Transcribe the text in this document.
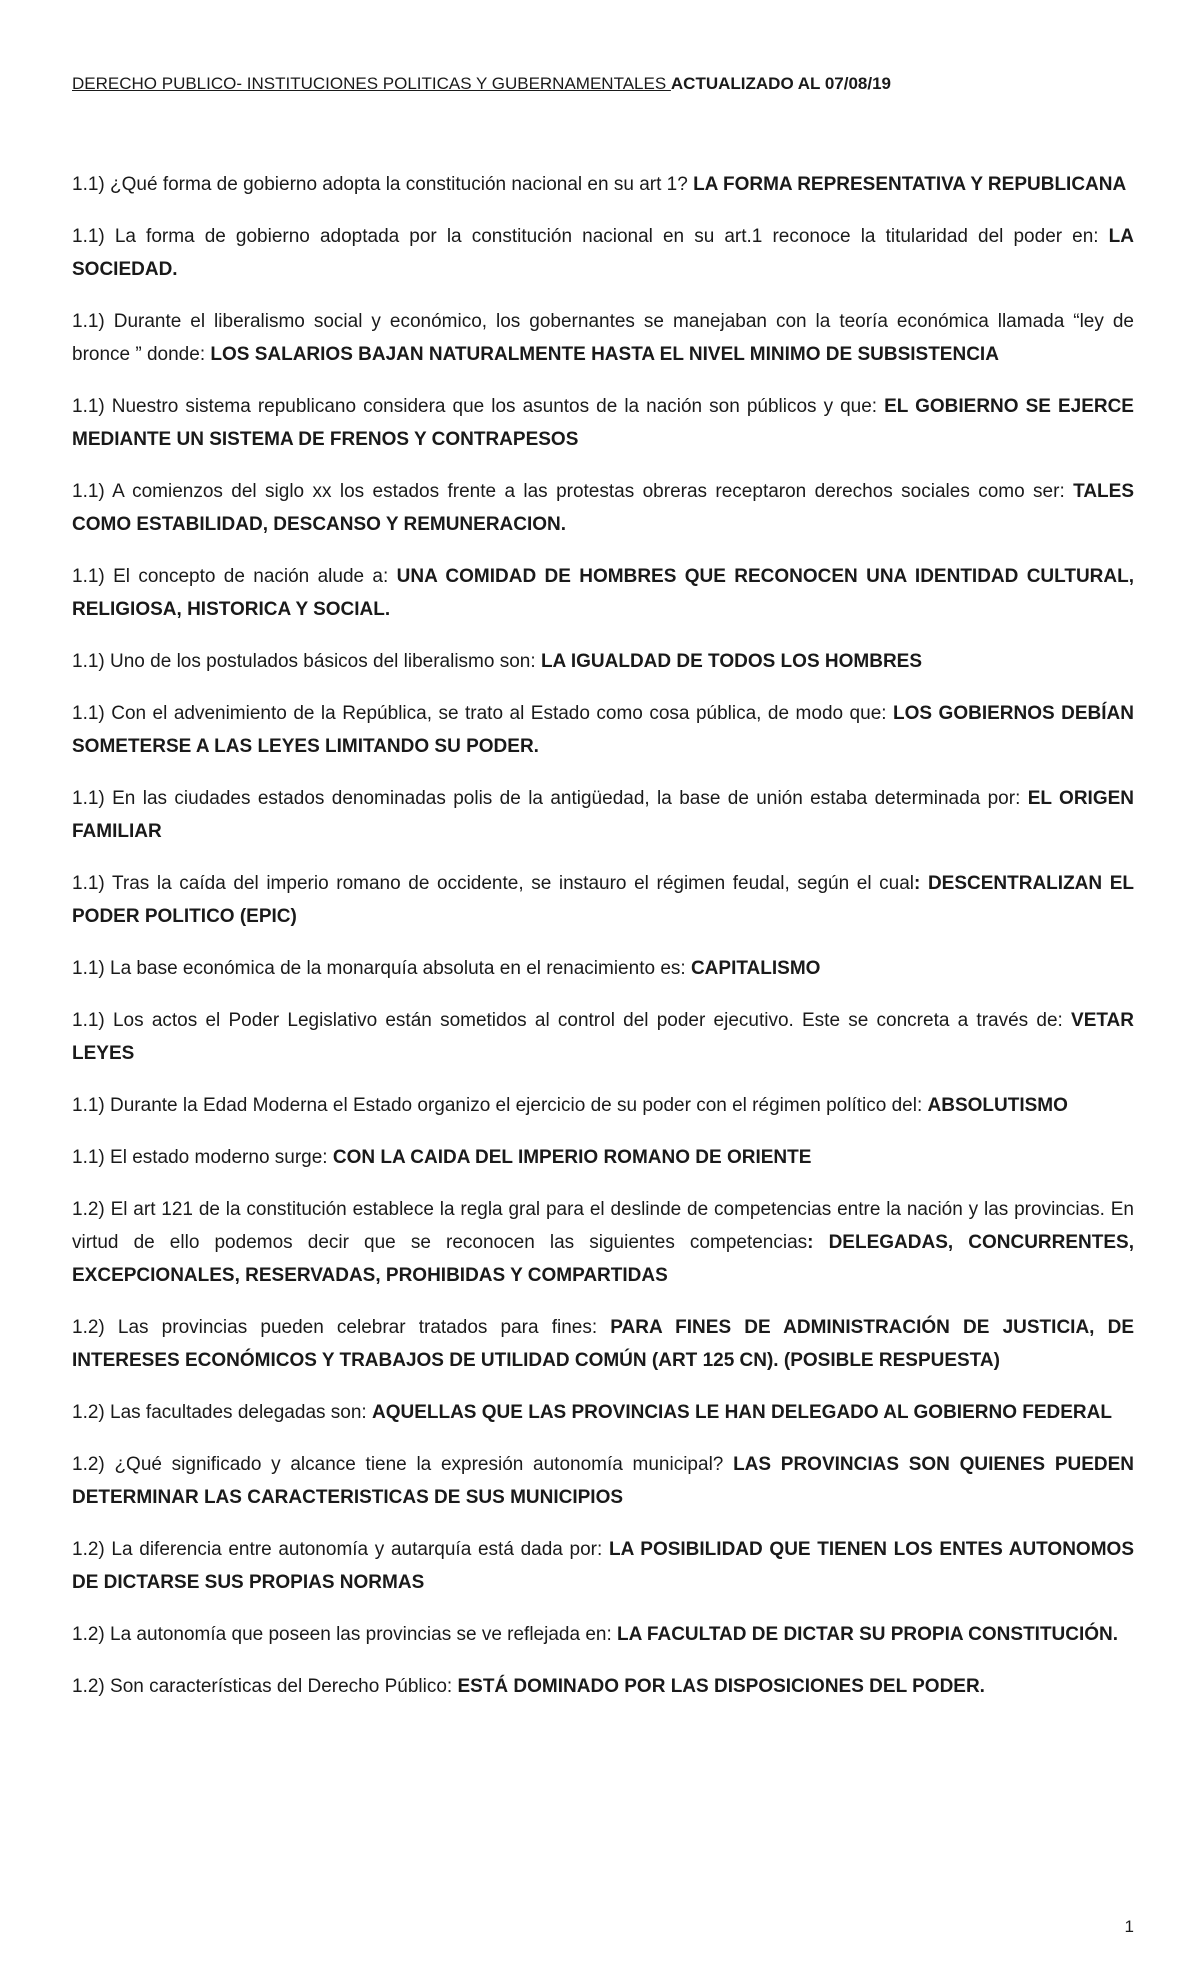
DERECHO PUBLICO- INSTITUCIONES POLITICAS Y GUBERNAMENTALES ACTUALIZADO AL 07/08/19

1.1) ¿Qué forma de gobierno adopta la constitución nacional en su art 1? LA FORMA REPRESENTATIVA Y REPUBLICANA

1.1) La forma de gobierno adoptada por la constitución nacional en su art.1 reconoce la titularidad del poder en: LA SOCIEDAD.

1.1) Durante el liberalismo social y económico, los gobernantes se manejaban con la teoría económica llamada “ley de bronce ” donde: LOS SALARIOS BAJAN NATURALMENTE HASTA EL NIVEL MINIMO DE SUBSISTENCIA

1.1) Nuestro sistema republicano considera que los asuntos de la nación son públicos y que: EL GOBIERNO SE EJERCE MEDIANTE UN SISTEMA DE FRENOS Y CONTRAPESOS

1.1) A comienzos del siglo xx los estados frente a las protestas obreras receptaron derechos sociales como ser: TALES COMO ESTABILIDAD, DESCANSO Y REMUNERACION.

1.1) El concepto de nación alude a: UNA COMIDAD DE HOMBRES QUE RECONOCEN UNA IDENTIDAD CULTURAL, RELIGIOSA, HISTORICA Y SOCIAL.

1.1) Uno de los postulados básicos del liberalismo son: LA IGUALDAD DE TODOS LOS HOMBRES

1.1) Con el advenimiento de la República, se trato al Estado como cosa pública, de modo que: LOS GOBIERNOS DEBÍAN SOMETERSE A LAS LEYES LIMITANDO SU PODER.

1.1) En las ciudades estados denominadas polis de la antigüedad, la base de unión estaba determinada por: EL ORIGEN FAMILIAR

1.1) Tras la caída del imperio romano de occidente, se instauro el régimen feudal, según el cual: DESCENTRALIZAN EL PODER POLITICO (EPIC)

1.1) La base económica de la monarquía absoluta en el renacimiento es: CAPITALISMO

1.1) Los actos el Poder Legislativo están sometidos al control del poder ejecutivo. Este se concreta a través de: VETAR LEYES

1.1) Durante la Edad Moderna el Estado organizo el ejercicio de su poder con el régimen político del: ABSOLUTISMO

1.1) El estado moderno surge: CON LA CAIDA DEL IMPERIO ROMANO DE ORIENTE

1.2) El art 121 de la constitución establece la regla gral para el deslinde de competencias entre la nación y las provincias. En virtud de ello podemos decir que se reconocen las siguientes competencias: DELEGADAS, CONCURRENTES, EXCEPCIONALES, RESERVADAS, PROHIBIDAS Y COMPARTIDAS

1.2) Las provincias pueden celebrar tratados para fines: PARA FINES DE ADMINISTRACIÓN DE JUSTICIA, DE INTERESES ECONÓMICOS Y TRABAJOS DE UTILIDAD COMÚN (ART 125 CN). (POSIBLE RESPUESTA)

1.2) Las facultades delegadas son: AQUELLAS QUE LAS PROVINCIAS LE HAN DELEGADO AL GOBIERNO FEDERAL

1.2) ¿Qué significado y alcance tiene la expresión autonomía municipal? LAS PROVINCIAS SON QUIENES PUEDEN DETERMINAR LAS CARACTERISTICAS DE SUS MUNICIPIOS

1.2) La diferencia entre autonomía y autarquía está dada por: LA POSIBILIDAD QUE TIENEN LOS ENTES AUTONOMOS DE DICTARSE SUS PROPIAS NORMAS

1.2) La autonomía que poseen las provincias se ve reflejada en: LA FACULTAD DE DICTAR SU PROPIA CONSTITUCIÓN.

1.2) Son características del Derecho Público: ESTÁ DOMINADO POR LAS DISPOSICIONES DEL PODER.

1
